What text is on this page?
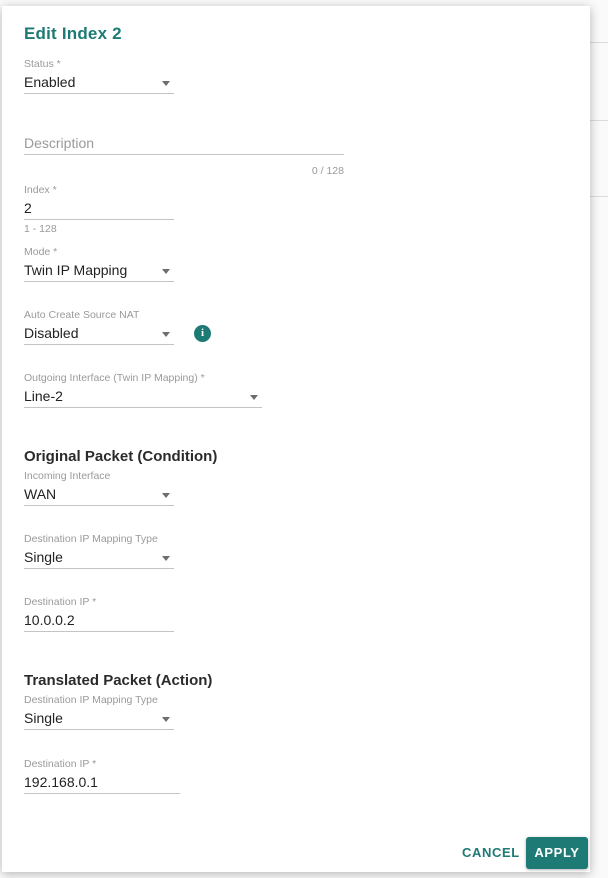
Edit Index 2
Status *
Enabled
Description
0 / 128
Index *
2
1 - 128
Mode *
Twin IP Mapping
Auto Create Source NAT
Disabled	i
Outgoing Interface (Twin IP Mapping) *
Line-2
Original Packet (Condition)
Incoming Interface
WAN
Destination IP Mapping Type
Single
Destination IP *
10.0.0.2
Translated Packet (Action)
Destination IP Mapping Type
Single
Destination IP *
192.168.0.1
CANCEL	APPLY
